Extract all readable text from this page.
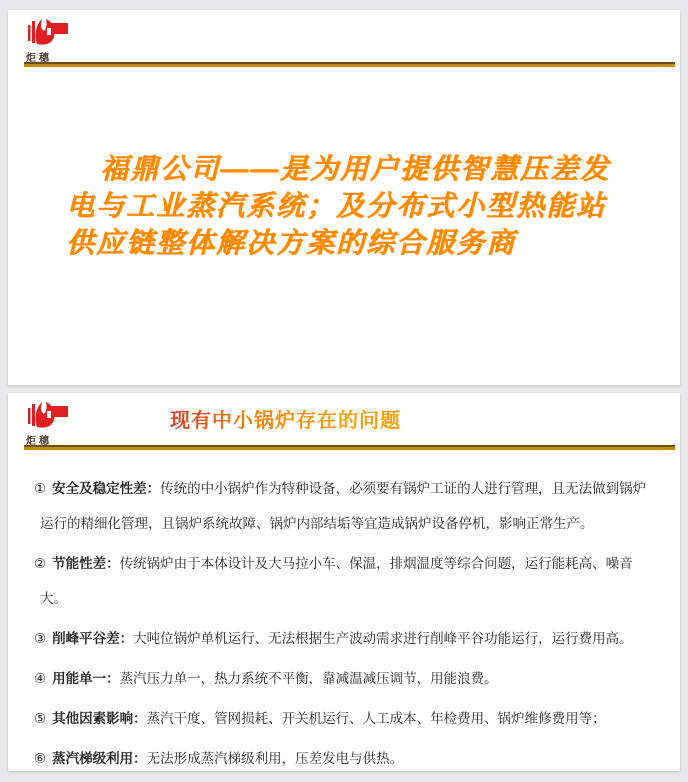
炬穗

福鼎公司——是为用户提供智慧压差发电与工业蒸汽系统；及分布式小型热能站供应链整体解决方案的综合服务商

炬穗
现有中小锅炉存在的问题

① 安全及稳定性差：传统的中小锅炉作为特种设备，必须要有锅炉工证的人进行管理，且无法做到锅炉运行的精细化管理，且锅炉系统故障、锅炉内部结垢等宜造成锅炉设备停机，影响正常生产。

② 节能性差：传统锅炉由于本体设计及大马拉小车、保温，排烟温度等综合问题，运行能耗高、噪音大。

③ 削峰平谷差：大吨位锅炉单机运行、无法根据生产波动需求进行削峰平谷功能运行，运行费用高。

④ 用能单一：蒸汽压力单一，热力系统不平衡，靠减温减压调节，用能浪费。

⑤ 其他因素影响：蒸汽干度、管网损耗、开关机运行、人工成本、年检费用、锅炉维修费用等；

⑥ 蒸汽梯级利用：无法形成蒸汽梯级利用，压差发电与供热。
